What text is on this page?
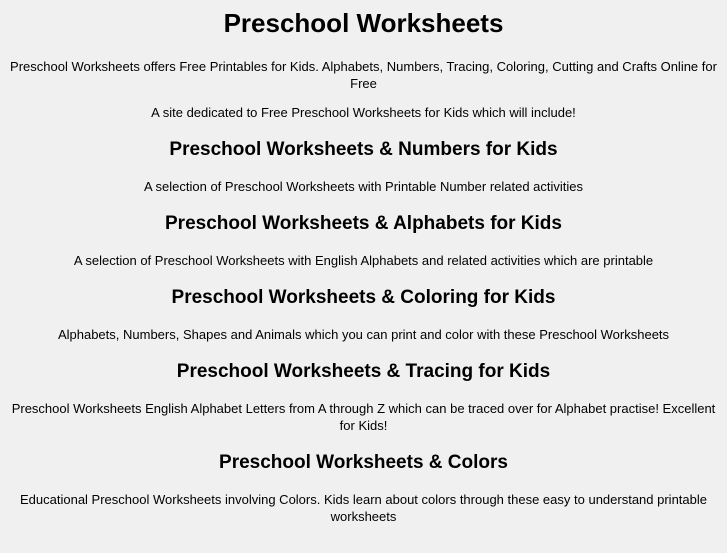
Preschool Worksheets

Preschool Worksheets offers Free Printables for Kids. Alphabets, Numbers, Tracing, Coloring, Cutting and Crafts Online for Free

A site dedicated to Free Preschool Worksheets for Kids which will include!

Preschool Worksheets & Numbers for Kids

A selection of Preschool Worksheets with Printable Number related activities

Preschool Worksheets & Alphabets for Kids

A selection of Preschool Worksheets with English Alphabets and related activities which are printable

Preschool Worksheets & Coloring for Kids

Alphabets, Numbers, Shapes and Animals which you can print and color with these Preschool Worksheets

Preschool Worksheets & Tracing for Kids

Preschool Worksheets English Alphabet Letters from A through Z which can be traced over for Alphabet practise! Excellent for Kids!

Preschool Worksheets & Colors

Educational Preschool Worksheets involving Colors. Kids learn about colors through these easy to understand printable worksheets
